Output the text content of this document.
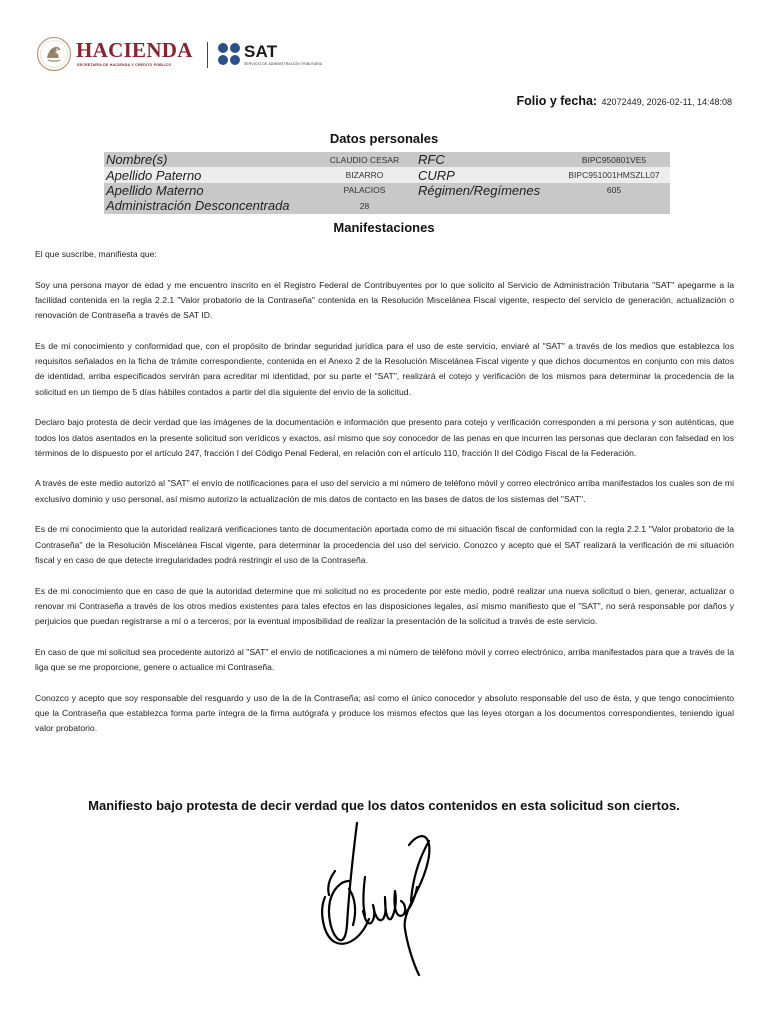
HACIENDA
SECRETARÍA DE HACIENDA Y CRÉDITO PÚBLICO
SAT
SERVICIO DE ADMINISTRACIÓN TRIBUTARIA
Folio y fecha: 42072449, 2026-02-11, 14:48:08
Datos personales
Nombre(s)	CLAUDIO CESAR	RFC	BIPC950801VE5
Apellido Paterno	BIZARRO	CURP	BIPC951001HMSZLL07
Apellido Materno	PALACIOS	Régimen/Regímenes	605
Administración Desconcentrada	28		
Manifestaciones

El que suscribe, manifiesta que:

Soy una persona mayor de edad y me encuentro inscrito en el Registro Federal de Contribuyentes por lo que solicito al Servicio de Administración Tributaria "SAT" apegarme a la facilidad contenida en la regla 2.2.1 "Valor probatorio de la Contraseña" contenida en la Resolución Miscelánea Fiscal vigente, respecto del servicio de generación, actualización o renovación de Contraseña a través de SAT ID.

Es de mi conocimiento y conformidad que, con el propósito de brindar seguridad jurídica para el uso de este servicio, enviaré al "SAT" a través de los medios que establezca los requisitos señalados en la ficha de trámite correspondiente, contenida en el Anexo 2 de la Resolución Miscelánea Fiscal vigente y que dichos documentos en conjunto con mis datos de identidad, arriba especificados servirán para acreditar mi identidad, por su parte el "SAT", realizará el cotejo y verificación de los mismos para determinar la procedencia de la solicitud en un tiempo de 5 días hábiles contados a partir del día siguiente del envío de la solicitud.

Declaro bajo protesta de decir verdad que las imágenes de la documentación e información que presento para cotejo y verificación corresponden a mi persona y son auténticas, que todos los datos asentados en la presente solicitud son verídicos y exactos, así mismo que soy conocedor de las penas en que incurren las personas que declaran con falsedad en los términos de lo dispuesto por el artículo 247, fracción I del Código Penal Federal, en relación con el artículo 110, fracción II del Código Fiscal de la Federación.

A través de este medio autorizó al "SAT" el envío de notificaciones para el uso del servicio a mi número de teléfono móvil y correo electrónico arriba manifestados los cuales son de mi exclusivo dominio y uso personal, así mismo autorizo la actualización de mis datos de contacto en las bases de datos de los sistemas del "SAT".

Es de mi conocimiento que la autoridad realizará verificaciones tanto de documentación aportada como de mi situación fiscal de conformidad con la regla 2.2.1 "Valor probatorio de la Contraseña" de la Resolución Miscelánea Fiscal vigente, para determinar la procedencia del uso del servicio. Conozco y acepto que el SAT realizará la verificación de mi situación fiscal y en caso de que detecte irregularidades podrá restringir el uso de la Contraseña.

Es de mi conocimiento que en caso de que la autoridad determine que mi solicitud no es procedente por este medio, podré realizar una nueva solicitud o bien, generar, actualizar o renovar mi Contraseña a través de los otros medios existentes para tales efectos en las disposiciones legales, así mismo manifiesto que el "SAT", no será responsable por daños y perjuicios que puedan registrarse a mí o a terceros, por la eventual imposibilidad de realizar la presentación de la solicitud a través de este servicio.

En caso de que mi solicitud sea procedente autorizó al "SAT" el envío de notificaciones a mi número de teléfono móvil y correo electrónico, arriba manifestados para que a través de la liga que se me proporcione, genere o actualice mi Contraseña.

Conozco y acepto que soy responsable del resguardo y uso de la de la Contraseña; así como el único conocedor y absoluto responsable del uso de ésta, y que tengo conocimiento que la Contraseña que establezca forma parte íntegra de la firma autógrafa y produce los mismos efectos que las leyes otorgan a los documentos correspondientes, teniendo igual valor probatorio.

Manifiesto bajo protesta de decir verdad que los datos contenidos en esta solicitud son ciertos.
